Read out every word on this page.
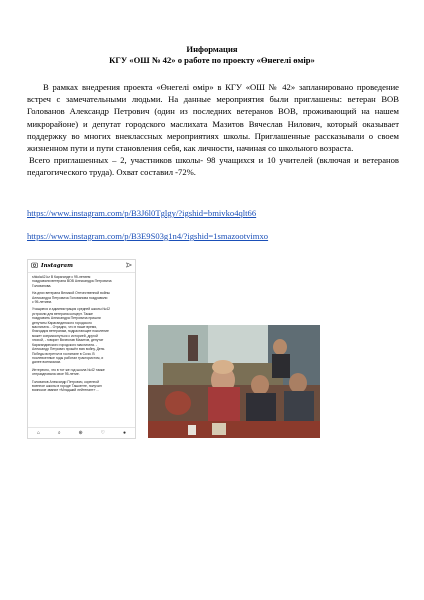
Информация
КГУ «ОШ № 42» о работе по проекту «Өнегелі өмір»

В рамках внедрения проекта «Өнегелі өмір» в КГУ «ОШ № 42» запланировано проведение встреч с замечательными людьми. На данные мероприятия были приглашены: ветеран ВОВ Голованов Александр Петрович (один из последних ветеранов ВОВ, проживающий на нашем микрорайоне) и депутат городского маслихата Мазитов Вячеслав Нилович, который оказывает поддержку во многих внеклассных мероприятиях школы. Приглашенные рассказывали о своем жизненном пути и пути становления себя, как личности, начиная со школьного возраста.

Всего приглашенных – 2, участников школы- 98 учащихся и 10 учителей (включая и ветеранов педагогического труда). Охват составил -72%.

https://www.instagram.com/p/B3J6l0Tglgy/?igshid=bmivko4qlt66
https://www.instagram.com/p/B3E9S03g1n4/?igshid=1smazootvimxo
Instagram
shkola42.kz В Караганде с 95-летием
поздравили ветерана ВОВ Александра Петровича
Голованова.
На днях ветерана Великой Отечественной войны
Александра Петровича Голованова поздравили
с 95-летием.
Учащиеся и администрация средней школы №42
устроили для ветерана концерт. Также
поздравить Александра Петровича пришли
депутаты Карагандинского городского
маслихата. - Отрадно, что в наше время,
благодаря ветеранам, подрастающее поколение
может соприкоснуться с историей, другой
эпохой, - говорит Вячеслав Мазитов, депутат
Карагандинского городского маслихата. -
Александр Петрович прошёл всю войну. День
Победы встретил в госпитале в Сочи. В
послевоенные годы работал трактористом, и
далее военкомом.
Интересно, что в тот же год школа №42 также
отпраздновала свое 95-летие.
Голованов Александр Петрович, коренной
военное школы в городе Ташкенте, получил
воинское звание «Младший лейтенант» ...
⌂	⌕	⊕	♡	●
